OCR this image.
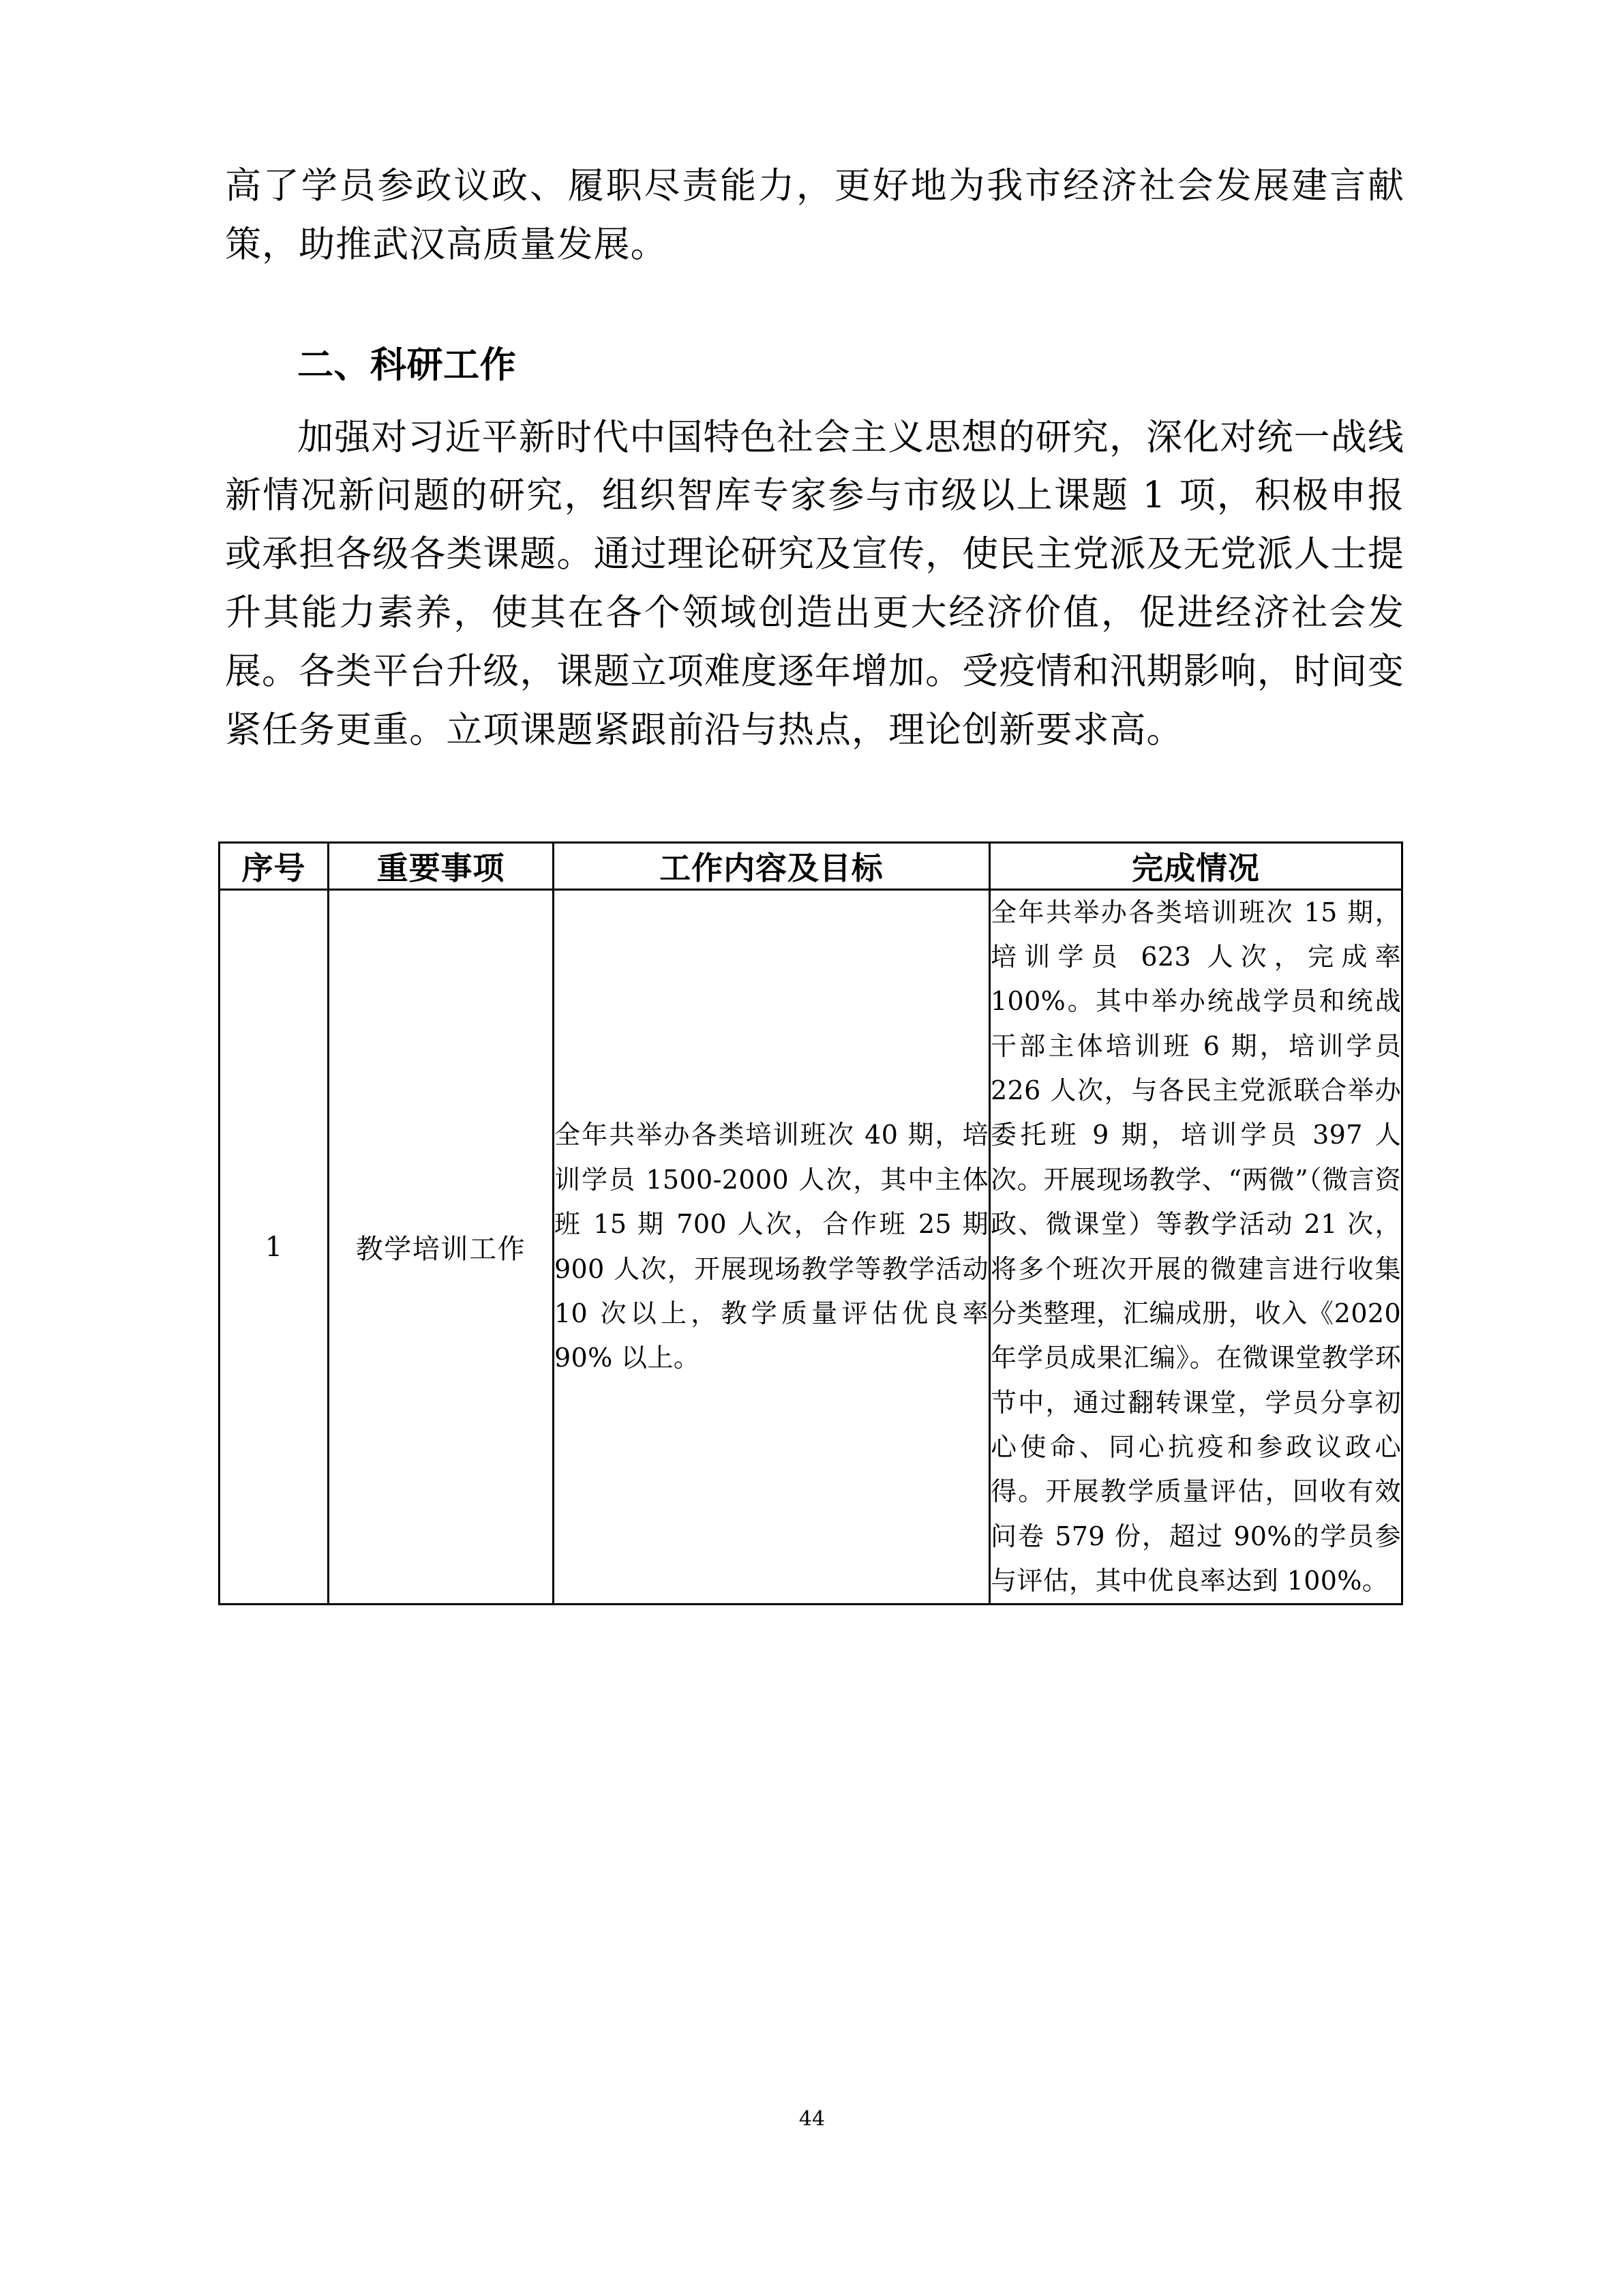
高了学员参政议政、履职尽责能力，更好地为我市经济社会发展建言献策，助推武汉高质量发展。

二、科研工作

加强对习近平新时代中国特色社会主义思想的研究，深化对统一战线新情况新问题的研究，组织智库专家参与市级以上课题 1 项，积极申报或承担各级各类课题。通过理论研究及宣传，使民主党派及无党派人士提升其能力素养，使其在各个领域创造出更大经济价值，促进经济社会发展。各类平台升级，课题立项难度逐年增加。受疫情和汛期影响，时间变紧任务更重。立项课题紧跟前沿与热点，理论创新要求高。

序号	重要事项	工作内容及目标	完成情况
1	教学培训工作	全年共举办各类培训班次 40 期，培训学员 1500-2000 人次，其中主体班 15 期 700 人次，合作班 25 期 900 人次，开展现场教学等教学活动 10 次以上，教学质量评估优良率 90% 以上。	全年共举办各类培训班次 15 期，培训学员 623 人次，完成率 100%。其中举办统战学员和统战干部主体培训班 6 期，培训学员 226 人次，与各民主党派联合举办委托班 9 期，培训学员 397 人次。开展现场教学、“两微”（微言资政、微课堂）等教学活动 21 次，将多个班次开展的微建言进行收集分类整理，汇编成册，收入《2020 年学员成果汇编》。在微课堂教学环节中，通过翻转课堂，学员分享初心使命、同心抗疫和参政议政心得。开展教学质量评估，回收有效问卷 579 份，超过 90%的学员参与评估，其中优良率达到 100%。
44
